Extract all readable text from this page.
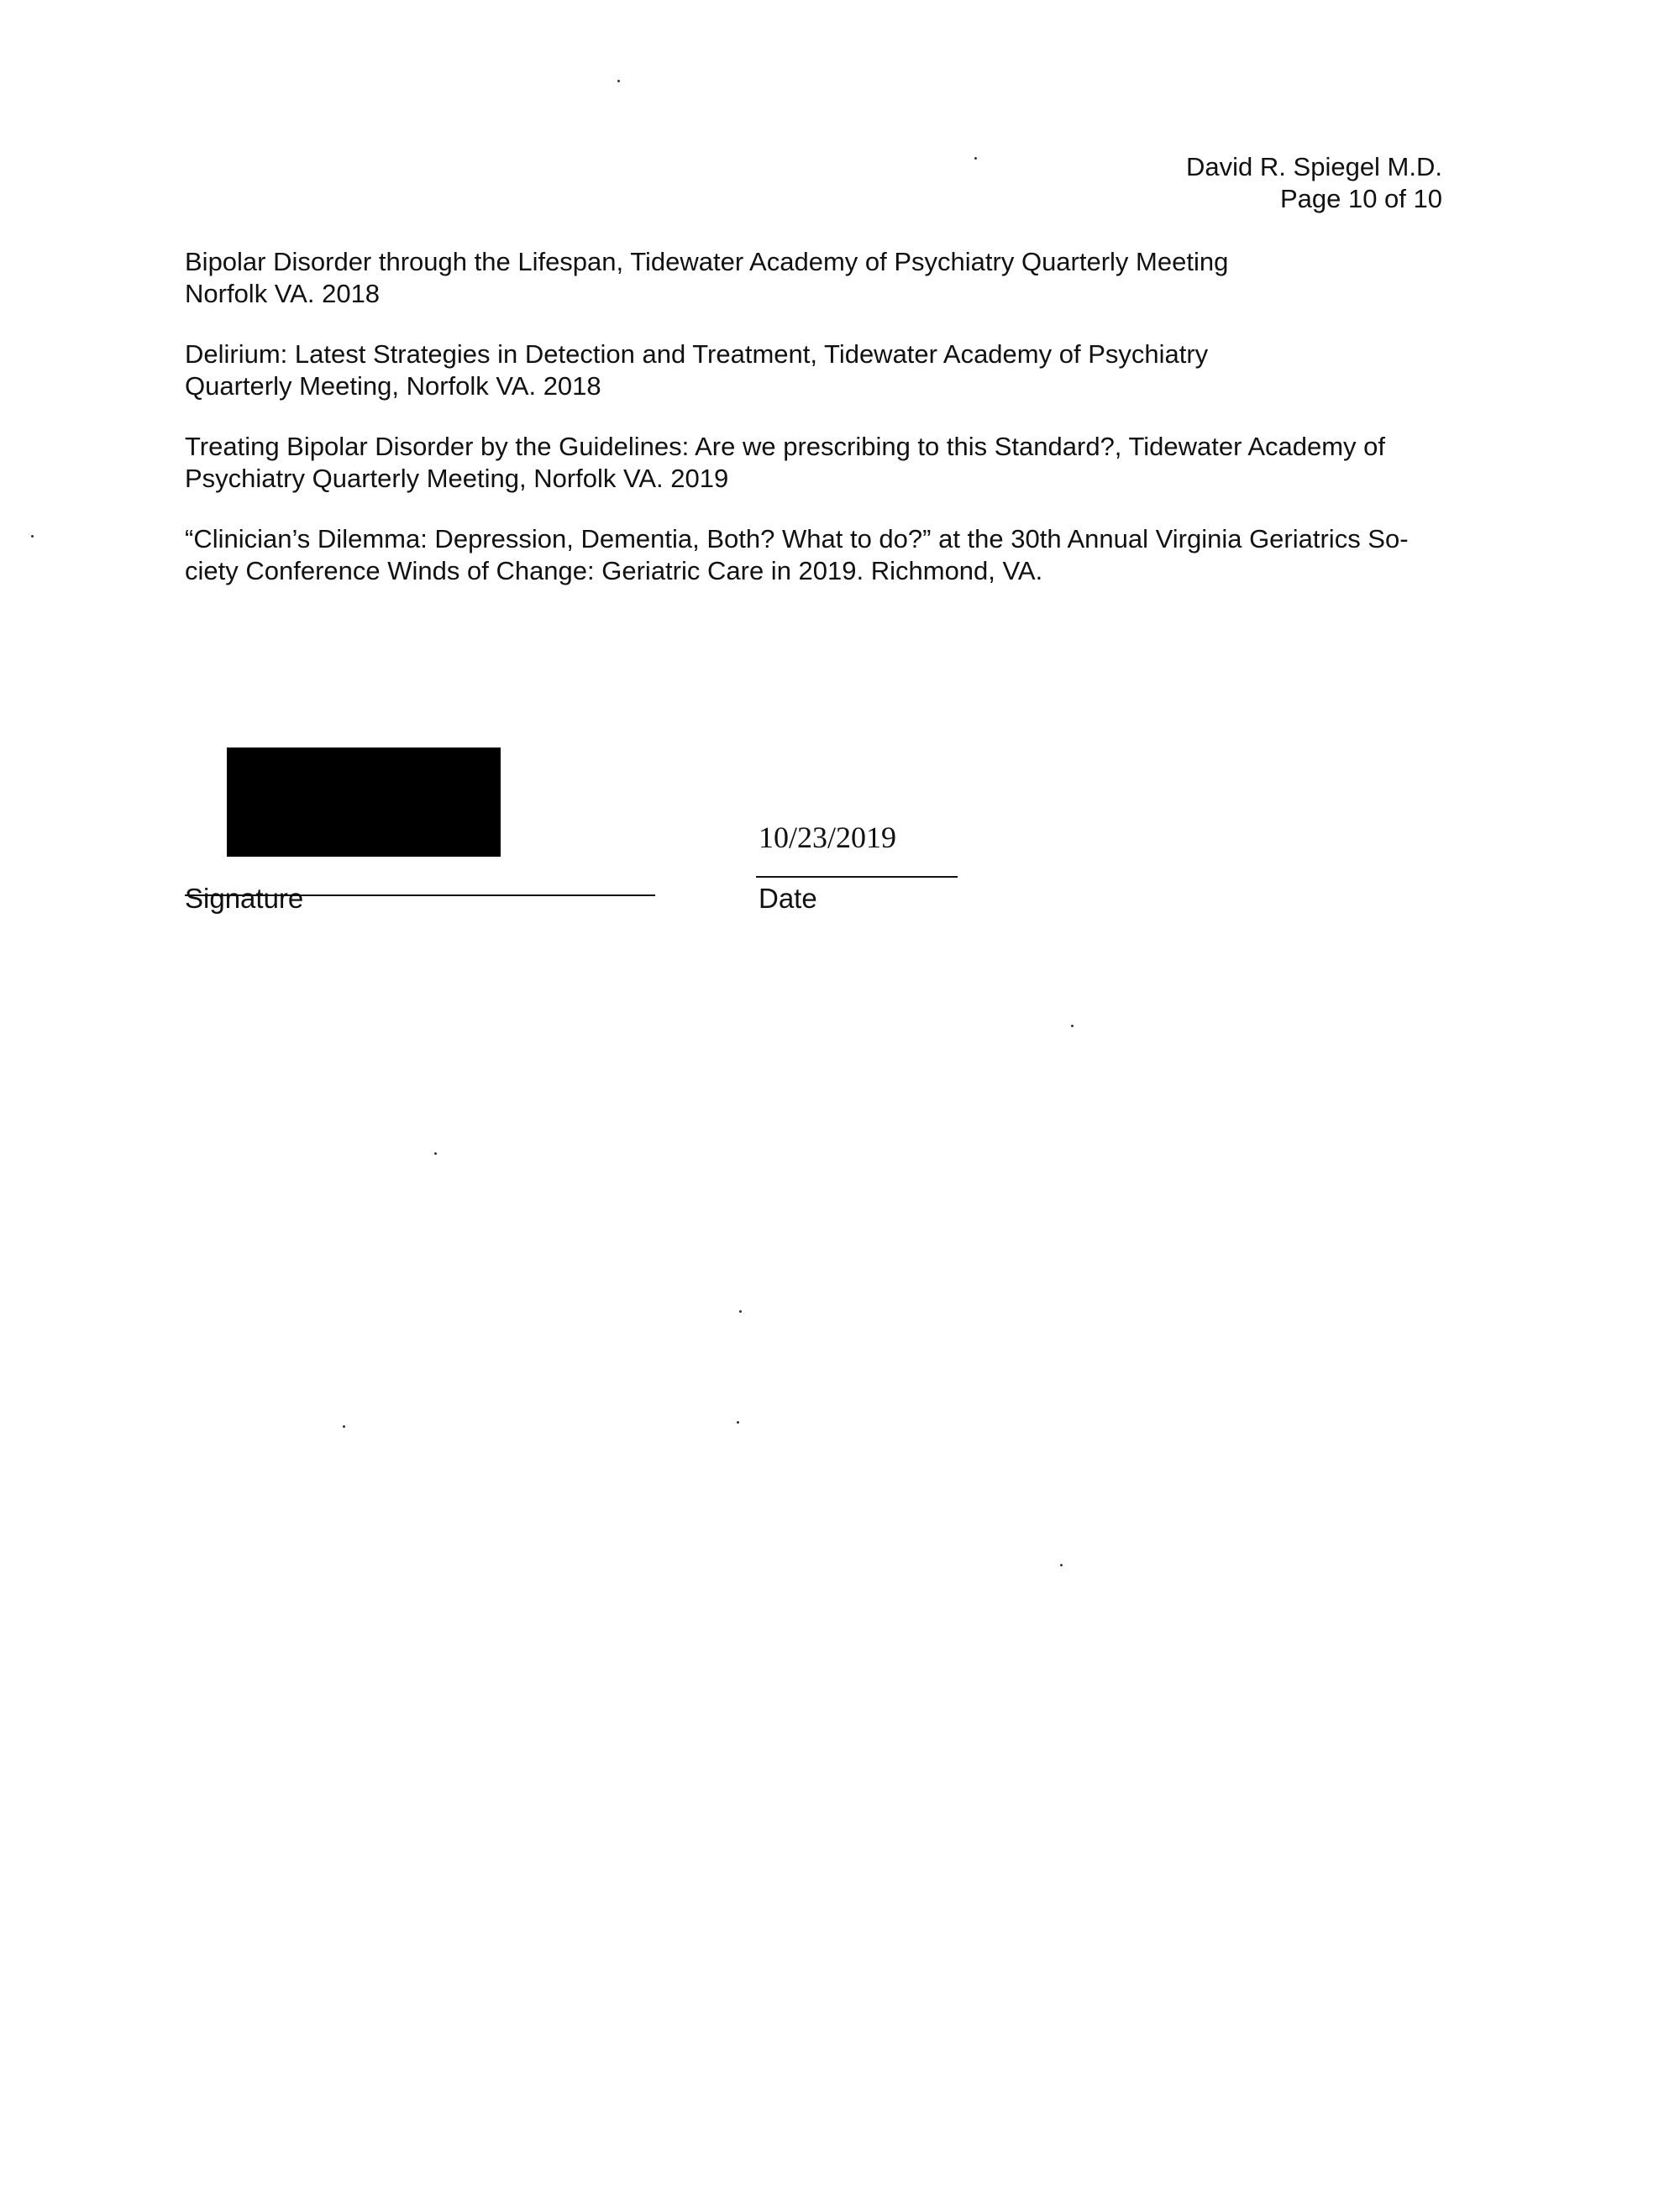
David R. Spiegel M.D.
Page 10 of 10

Bipolar Disorder through the Lifespan, Tidewater Academy of Psychiatry Quarterly Meeting
Norfolk VA. 2018

Delirium: Latest Strategies in Detection and Treatment, Tidewater Academy of Psychiatry
Quarterly Meeting, Norfolk VA. 2018

Treating Bipolar Disorder by the Guidelines: Are we prescribing to this Standard?, Tidewater Academy of
Psychiatry Quarterly Meeting, Norfolk VA. 2019

“Clinician’s Dilemma: Depression, Dementia, Both? What to do?” at the 30th Annual Virginia Geriatrics So-
ciety Conference Winds of Change: Geriatric Care in 2019. Richmond, VA.

Signature
10/23/2019
Date
